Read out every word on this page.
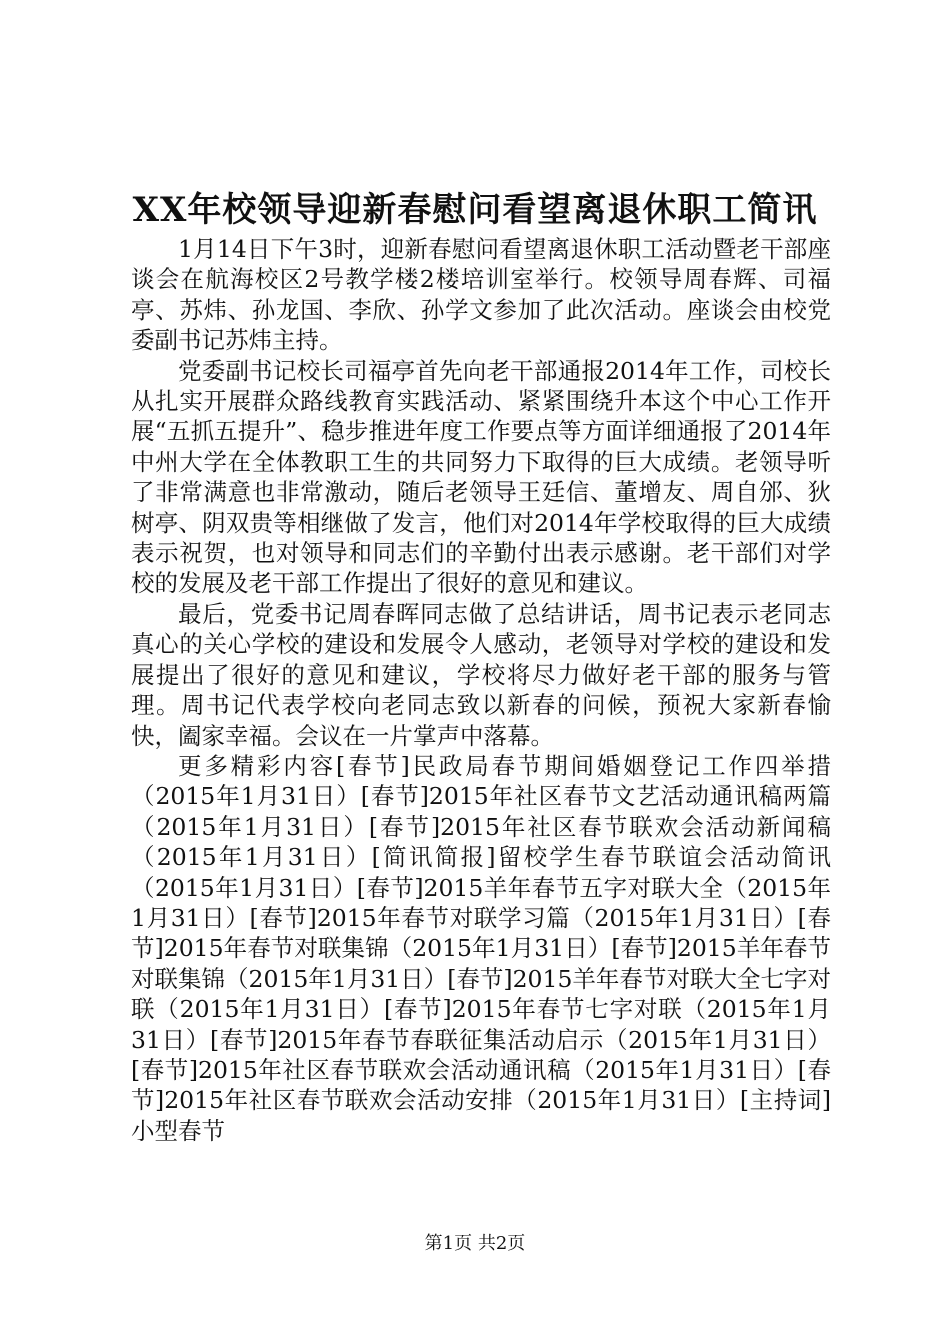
XX年校领导迎新春慰问看望离退休职工简讯

1月14日下午3时，迎新春慰问看望离退休职工活动暨老干部座谈会在航海校区2号教学楼2楼培训室举行。校领导周春辉、司福亭、苏炜、孙龙国、李欣、孙学文参加了此次活动。座谈会由校党委副书记苏炜主持。

党委副书记校长司福亭首先向老干部通报2014年工作，司校长从扎实开展群众路线教育实践活动、紧紧围绕升本这个中心工作开展“五抓五提升”、稳步推进年度工作要点等方面详细通报了2014年中州大学在全体教职工生的共同努力下取得的巨大成绩。老领导听了非常满意也非常激动，随后老领导王廷信、董增友、周自邠、狄树亭、阴双贵等相继做了发言，他们对2014年学校取得的巨大成绩表示祝贺，也对领导和同志们的辛勤付出表示感谢。老干部们对学校的发展及老干部工作提出了很好的意见和建议。

最后，党委书记周春晖同志做了总结讲话，周书记表示老同志真心的关心学校的建设和发展令人感动，老领导对学校的建设和发展提出了很好的意见和建议，学校将尽力做好老干部的服务与管理。周书记代表学校向老同志致以新春的问候，预祝大家新春愉快，阖家幸福。会议在一片掌声中落幕。

更多精彩内容[春节]民政局春节期间婚姻登记工作四举措（2015年1月31日）[春节]2015年社区春节文艺活动通讯稿两篇（2015年1月31日）[春节]2015年社区春节联欢会活动新闻稿（2015年1月31日）[简讯简报]留校学生春节联谊会活动简讯（2015年1月31日）[春节]2015羊年春节五字对联大全（2015年1月31日）[春节]2015年春节对联学习篇（2015年1月31日）[春节]2015年春节对联集锦（2015年1月31日）[春节]2015羊年春节对联集锦（2015年1月31日）[春节]2015羊年春节对联大全七字对联（2015年1月31日）[春节]2015年春节七字对联（2015年1月31日）[春节]2015年春节春联征集活动启示（2015年1月31日）[春节]2015年社区春节联欢会活动通讯稿（2015年1月31日）[春节]2015年社区春节联欢会活动安排（2015年1月31日）[主持词]小型春节

第1页 共2页
